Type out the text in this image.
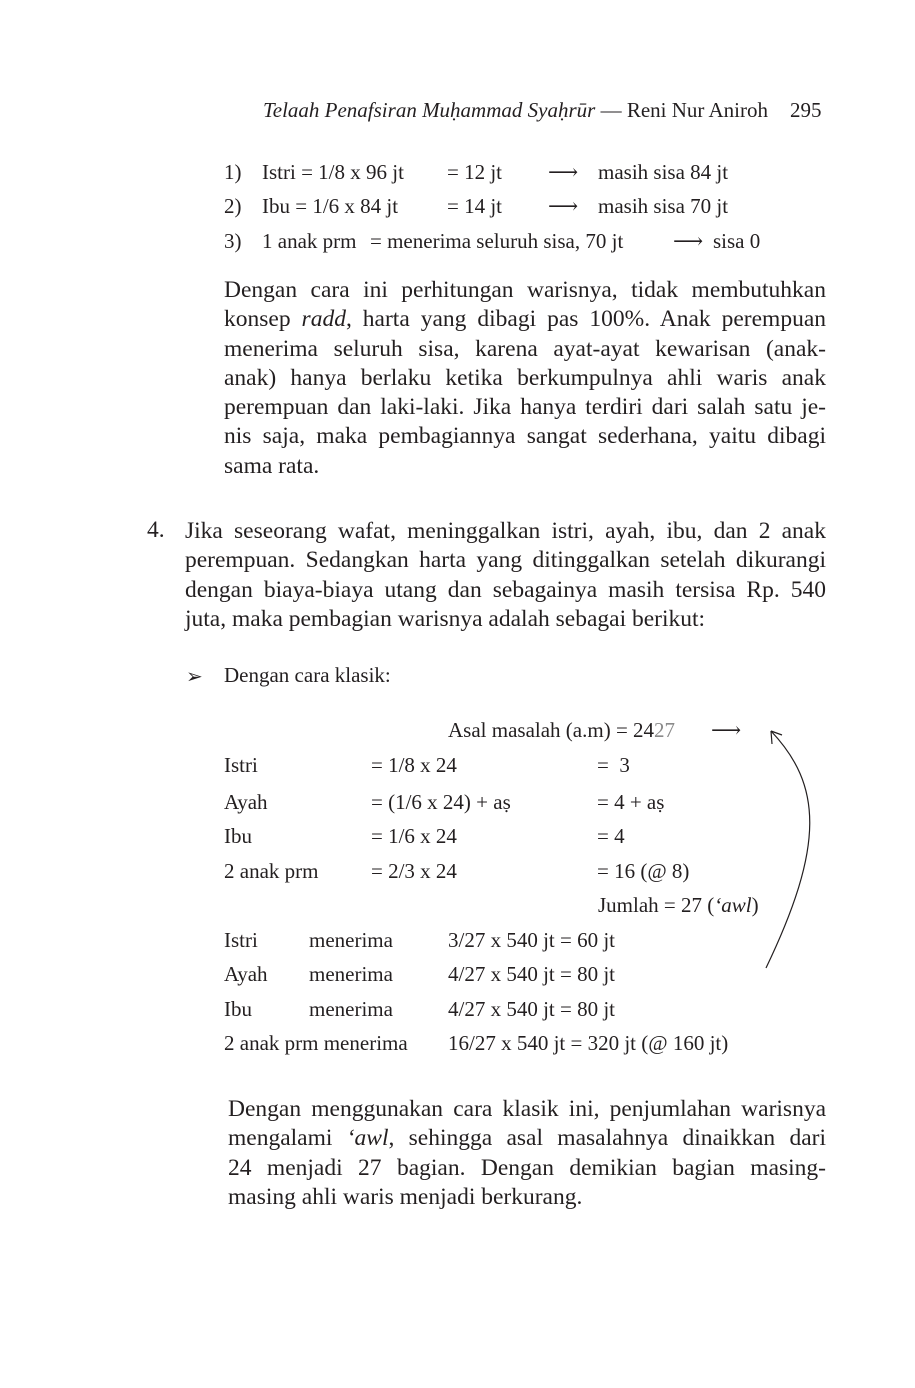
Telaah Penafsiran Muḥammad Syaḥrūr — Reni Nur Aniroh 295
1) Istri = 1/8 x 96 jt = 12 jt ⟶ masih sisa 84 jt
2) Ibu = 1/6 x 84 jt = 14 jt ⟶ masih sisa 70 jt
3) 1 anak prm = menerima seluruh sisa, 70 jt ⟶ sisa 0
Dengan cara ini perhitungan warisnya, tidak membutuhkan
konsep radd, harta yang dibagi pas 100%. Anak perempuan
menerima seluruh sisa, karena ayat-ayat kewarisan (anak-
anak) hanya berlaku ketika berkumpulnya ahli waris anak
perempuan dan laki-laki. Jika hanya terdiri dari salah satu je-
nis saja, maka pembagiannya sangat sederhana, yaitu dibagi
sama rata.
4. Jika seseorang wafat, meninggalkan istri, ayah, ibu, dan 2 anak
perempuan. Sedangkan harta yang ditinggalkan setelah dikurangi
dengan biaya-biaya utang dan sebagainya masih tersisa Rp. 540
juta, maka pembagian warisnya adalah sebagai berikut:
➢ Dengan cara klasik:
Asal masalah (a.m) = 2427 ⟶
Istri	= 1/8 x 24	=  3
Ayah	= (1/6 x 24) + aṣ	= 4 + aṣ
Ibu	= 1/6 x 24	= 4
2 anak prm	= 2/3 x 24	= 16 (@ 8)
Jumlah = 27 (‘awl)
Istri menerima	3/27 x 540 jt = 60 jt
Ayah menerima	4/27 x 540 jt = 80 jt
Ibu	menerima	4/27 x 540 jt = 80 jt
2 anak prm menerima 16/27 x 540 jt = 320 jt (@ 160 jt)
Dengan menggunakan cara klasik ini, penjumlahan warisnya
mengalami ‘awl, sehingga asal masalahnya dinaikkan dari
24 menjadi 27 bagian. Dengan demikian bagian masing-
masing ahli waris menjadi berkurang.
